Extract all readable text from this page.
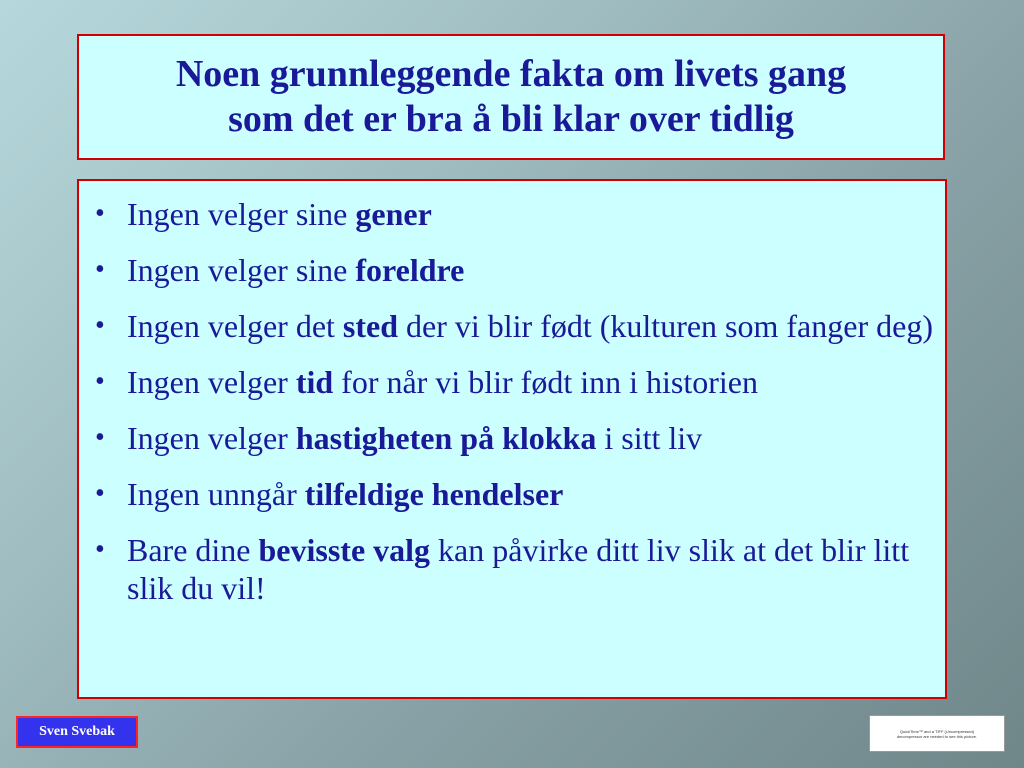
Noen grunnleggende fakta om livets gang
som det er bra å bli klar over tidlig
• Ingen velger sine gener
• Ingen velger sine foreldre
• Ingen velger det sted der vi blir født (kulturen som fanger deg)
• Ingen velger tid for når vi blir født inn i historien
• Ingen velger hastigheten på klokka i sitt liv
• Ingen unngår tilfeldige hendelser
• Bare dine bevisste valg kan påvirke ditt liv slik at det blir litt slik du vil!
Sven Svebak	QuickTime™ and a TIFF (Uncompressed) decompressor are needed to see this picture.
